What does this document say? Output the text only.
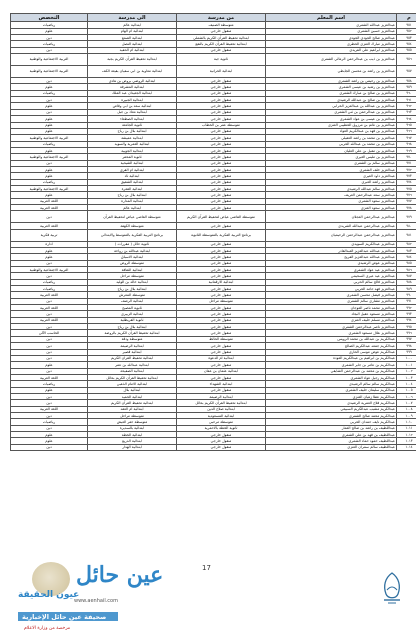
م	اسم المعلم	من مدرسة	الى مدرسة	التخصص
٩٥١	عبدالعزيز عبدالله الشمري	متوسطة الصنيف	ابتدائية عالم	رياضيات
٩٥٢	عبدالعزيز حسين الشمري	منقول خارجي	ابتدائية ام الهام	علوم
٩٥٣	عبدالعزيز صالح الجودي الجودي	ابتدائية تحفيظ القرآن الكريم بالشملي	ابتدائية الصمع	دين
٩٥٤	عبدالعزيز مبارك العنزي الحطري	ابتدائية تحفيظ القرآن الكريم بالنقع	ابتدائية النصل	رياضيات
٩٥٥	عبدالعزيز ابراهيم علي الفريدي	منقول خارجي	ابتدائية ام الحفيد	دين
٩٥٦	عبدالعزيز بن ذيب بن عبدالرحمن الرمالي الشمري	ثانوية جبة	ابتدائية تحفيظ القرآن الكريم بجبة	التربية الاجتماعية والوطنية
٩٥٧	عبدالعزيز بن راشد بن محسن الجابطي	ابتدائية الحرانية	ابتدائية معاوية بن ابي سفيان بقيعة الكف	التربية الاجتماعية والوطنية
٩٥٨	عبدالعزيز بن رحيمي بن راشد الشمري	منقول خارجي	ابتدائية الروضي بروض بن هادي	دين
٩٥٩	عبدالعزيز بن رشيد بن عيسى الشمري	منقول خارجي	ابتدائية المشرفة	علوم
٩٦٠	عبدالعزيز بن صالح بن مبارك الشمري	منقول خارجي	ابتدائية الجعيدان عبد الملك	رياضيات
٩٦١	عبدالعزيز بن صالح بن عبدالله الرشيدي	منقول خارجي	ابتدائية الجبيرة	دين
٩٦٢	عبدالعزيز بن عبدالله بن عبدالعزيز الخرابي	منقول خارجي	ابتدائية سعد بن ابي وقاص	علوم
٩٦٣	عبدالعزيز بن عبدالرحمن بن ثني الشمري	منقول خارجي	ابتدائية معاذ بن جبل	دين
٩٦٤	عبدالعزيز بن عيسى بن عواد الشمري	منقول خارجي	ابتدائية الصطعاء	علوم
٩٦٥	عبدالعزيز بن غانم بن مرزوق الحطيبي العنزي	متوسطة عمر بن الخطاب	ثانوية الجامعة	علوم
٩٦٦	عبدالعزيز بن فهد بن عبدالكريم العواد	منقول خارجي	ابتدائية بلال بن رباح	علوم
٩٦٧	عبدالعزيز بن محمد بن راشد العقيلي	منقول خارجي	ابتدائية عميشة	التربية الاجتماعية والوطنية
٩٦٨	عبدالعزيز بن محمد بن عبدالله الحربي	منقول خارجي	ابتدائية العمرية والسويد	رياضيات
٩٦٩	عبدالعزيز بن مقبل بن علي العليان	منقول خارجي	ابتدائية الجويبة	علوم
٩٧٠	عبدالعزيز بن مليس الغيري	منقول خارجي	ثانوية المحفر	التربية الاجتماعية والوطنية
٩٧١	عبدالعزيز سالم بن الشمري	منقول خارجي	ابتدائية الشيحية	دين
٩٧٢	عبدالعزيز خلف الشمري	منقول خارجي	ابتدائية ام القرى	علوم
٩٧٣	عبدالعزيز داود الغيري	منقول خارجي	ابتدائية ثاد	علوم
٩٧٤	عبدالعزيز راشد العبري	منقول خارجي	ابتدائية الشقيق	رياضيات
٩٧٥	عبدالعزيز سالم عبدالله الرشيدي	منقول خارجي	ابتدائية القعرة	التربية الاجتماعية والوطنية
٩٧٦	عبدالعزيز سعد عبدالرحمن العريف	منقول خارجي	ابتدائية بلال بن رباح	علوم
٩٧٧	عبدالعزيز سعود الشمري	منقول خارجي	ابتدائية المدارة	اللغة العربية
٩٧٨	عبدالعزيز سعود العنزي	منقول خارجي	ابتدائية عالم	اللغة العربية
٩٧٩	عبدالعزيز عبدالرحمن العجلان	متوسطة القاضي عياض لتحفيظ القرآن الكريم	متوسطة القاضي عياض لتحفيظ القرآن	دين
٩٨٠	عبدالعزيز عبدالرحمن عبدالله الشريدي	منقول خارجي	متوسطة الكهفة	اللغة العربية
٩٨١	عبدالعزيز عبدالرحمن عبدالرحمن الرحيميان	برنامج التربية الفكرية بالمتوسطة الثانوية	برنامج التربية الفكرية بالمتوسط والابتدائي	تربية فكرية
٩٨٢	عبدالعزيز عبدالكريم السويدي	منقول خارجي	ثانوية حائل ( مقررات )	ادارة
٩٨٣	عبدالعزيز عبدالله عبدالعزيز العبدالقادر	منقول خارجي	ابتدائية عبدالله بن رواحة	علوم
٩٨٤	عبدالعزيز عبدالله عبدالعزيز الفريح	منقول خارجي	ابتدائية الاسباق	علوم
٩٨٥	عبدالعزيز عوض الرشيدي	منقول خارجي	متوسطة الروض	دين
٩٨٦	عبدالعزيز عيد عواد الشمري	منقول خارجي	ابتدائية الثقافة	التربية الاجتماعية والوطنية
٩٨٧	عبدالعزيز عيد عيري السحيمي	منقول خارجي	متوسطة مراحل	دين
٩٨٨	عبدالعزيز فالح سالم الحربي	ابتدائية الارقمانية	ابتدائية خالد بن الوليد	رياضيات
٩٨٩	عبدالعزيز فهد حامد الحربي	منقول خارجي	ابتدائية بلال بن رباح	رياضيات
٩٩٠	عبدالعزيز فيصل محسن الشمري	منقول خارجي	متوسطة المعرش	اللغة العربية
٩٩١	عبدالعزيز مشاري سالم الشمري	متوسطة مراحل	ابتدائية الرضف	دين
٩٩٢	عبدالعزيز محمد ناصر العوجان	منقول خارجي	ثانوية المصبح	اللغة العربية
٩٩٣	عبدالعزيز مسعود عقيل البجاد	منقول خارجي	ابتدائية الزبيري	دين
٩٩٤	عبدالعزيز مسلم خليف العنزي	منقول خارجي	ثانوية القريطلية	اللغة العربية
٩٩٥	عبدالعزيز ناصر عبدالرحمن الشمري	منقول خارجي	ابتدائية بلال بن رباح	دين
٩٩٦	عبدالعزيز هلال مسعود الشمري	منقول خارجي	ابتدائية تحفيظ القرآن الكريم بالروضة	الحاسب الآلي
٩٩٧	عبدالكريم بن عبدالله بن محمد الرويس	متوسطة الحائط	متوسطة ودقة	دين
٩٩٨	عبدالكريم جمعه عبدالكريم الصالح	منقول خارجي	ابتدائية الرضيمة	دين
٩٩٩	عبدالكريم عوض موسى الحاري	منقول خارجي	ابتدائية قصير	دين
١٠٠٠	عبدالكريم بن ابراهيم بن عبدالكريم العودة	ابتدائية ام الدعوة	ابتدائية تحفيظ القرآن الكريم	دين
١٠٠١	عبدالكريم بن عامر بن جابر الشمري	منقول خارجي	ابتدائية عبدالله بن عمر	علوم
١٠٠٢	عبدالكريم بن محمد بن عبدالرحمن الشايقي	ابتدائية عثمان بن عفان	ابتدائية الصفيحة	دين
١٠٠٣	عبدالكريم رجيل عواد الشمري	منقول خارجي	ابتدائية تحفيظ القرآن الكريم بحائل	اللغة العربية
١٠٠٤	عبدالكريم سالم سالم الرشيدي	ابتدائية الشهداء	ابتدائية الامام الذهبي	رياضيات
١٠٠٥	عبدالكريم سليمان خليف الشمري	منقول خارجي	ابتدائية بلال	علوم
١٠٠٦	عبدالكريم عطا زهيان العنزي	ابتدائية الرضيمة	ابتدائية الحميد	دين
١٠٠٧	عبدالكريم فلاح العمرية الرشيدي	ابتدائية تحفيظ القرآن الكريم بحائل	ابتدائية تحفيظ القرآن الكريم	دين
١٠٠٨	عبدالكريم مشبب عبدالكريم السبيعي	ابتدائية صلاح الدين	ابتدائية ام العقد	اللغة العربية
١٠٠٩	عبدالكريم محمد صالح الشمري	ابتدائية المسعودية	متوسطة مراحل	دين
١٠١٠	عبدالكريم نايف حمدان الحربي	متوسطة مرحبي	متوسطة حفر العيش	رياضيات
١٠١١	عبداللطيف بن راشد بن صالح العمار	ثانوية الخطة بالاحمرية	ابتدائية بالسديرة	دين
١٠١٢	عبداللطيف بن فهد بن علي الشمري	منقول خارجي	ابتدائية الخطة	علوم
١٠١٣	عبداللطيف حمود حماد الشمري	منقول خارجي	ابتدائية الدريع	علوم
١٠١٤	عبداللطيف سالم سمران العنزي	منقول خارجي	ابتدائية الهدار	دين
17
عين حائل
عيون الحقيقة
www.aenhail.com
صحيفة عين حائل الإخبارية
مرخصة من وزارة الاعلام
